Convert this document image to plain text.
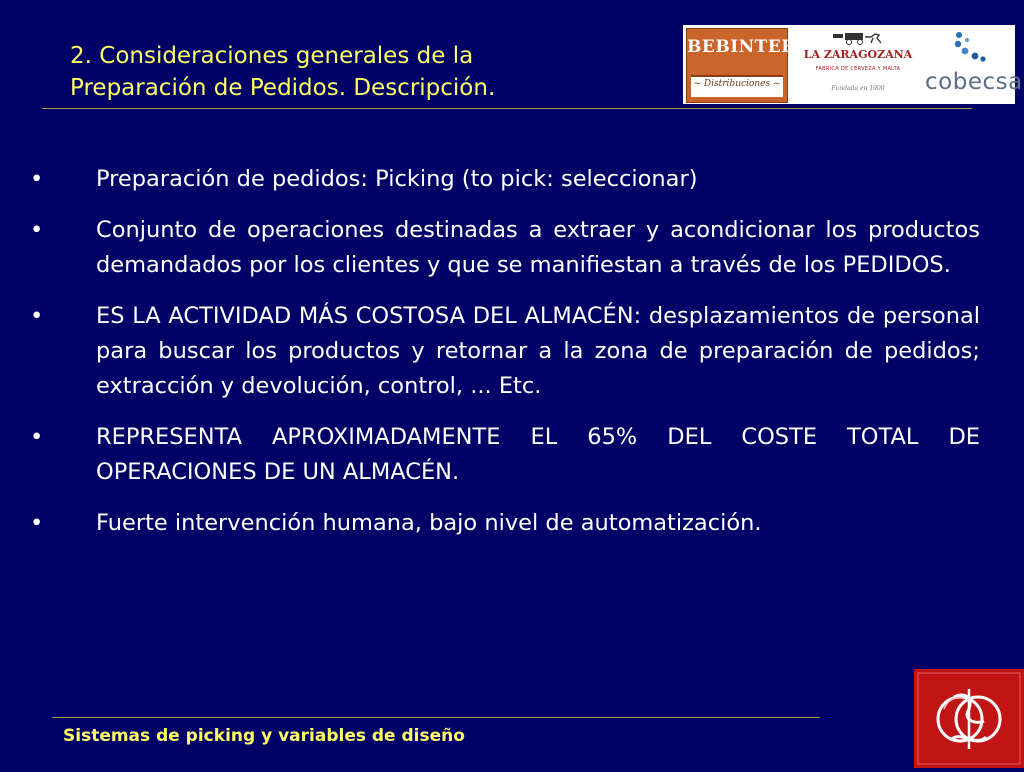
2. Consideraciones generales de la
Preparación de Pedidos. Descripción.
BEBINTER
~ Distribuciones ~
LA ZARAGOZANA
FABRICA DE CERVEZA Y MALTA
Fundada en 1900	cobecsa
• Preparación de pedidos: Picking (to pick: seleccionar)
• Conjunto de operaciones destinadas a extraer y acondicionar los productos demandados por los clientes y que se manifiestan a través de los PEDIDOS.
• ES LA ACTIVIDAD MÁS COSTOSA DEL ALMACÉN: desplazamientos de personal para buscar los productos y retornar a la zona de preparación de pedidos; extracción y devolución, control, ... Etc.
• REPRESENTA APROXIMADAMENTE EL 65% DEL COSTE TOTAL DE OPERACIONES DE UN ALMACÉN.
• Fuerte intervención humana, bajo nivel de automatización.
Sistemas de picking y variables de diseño
